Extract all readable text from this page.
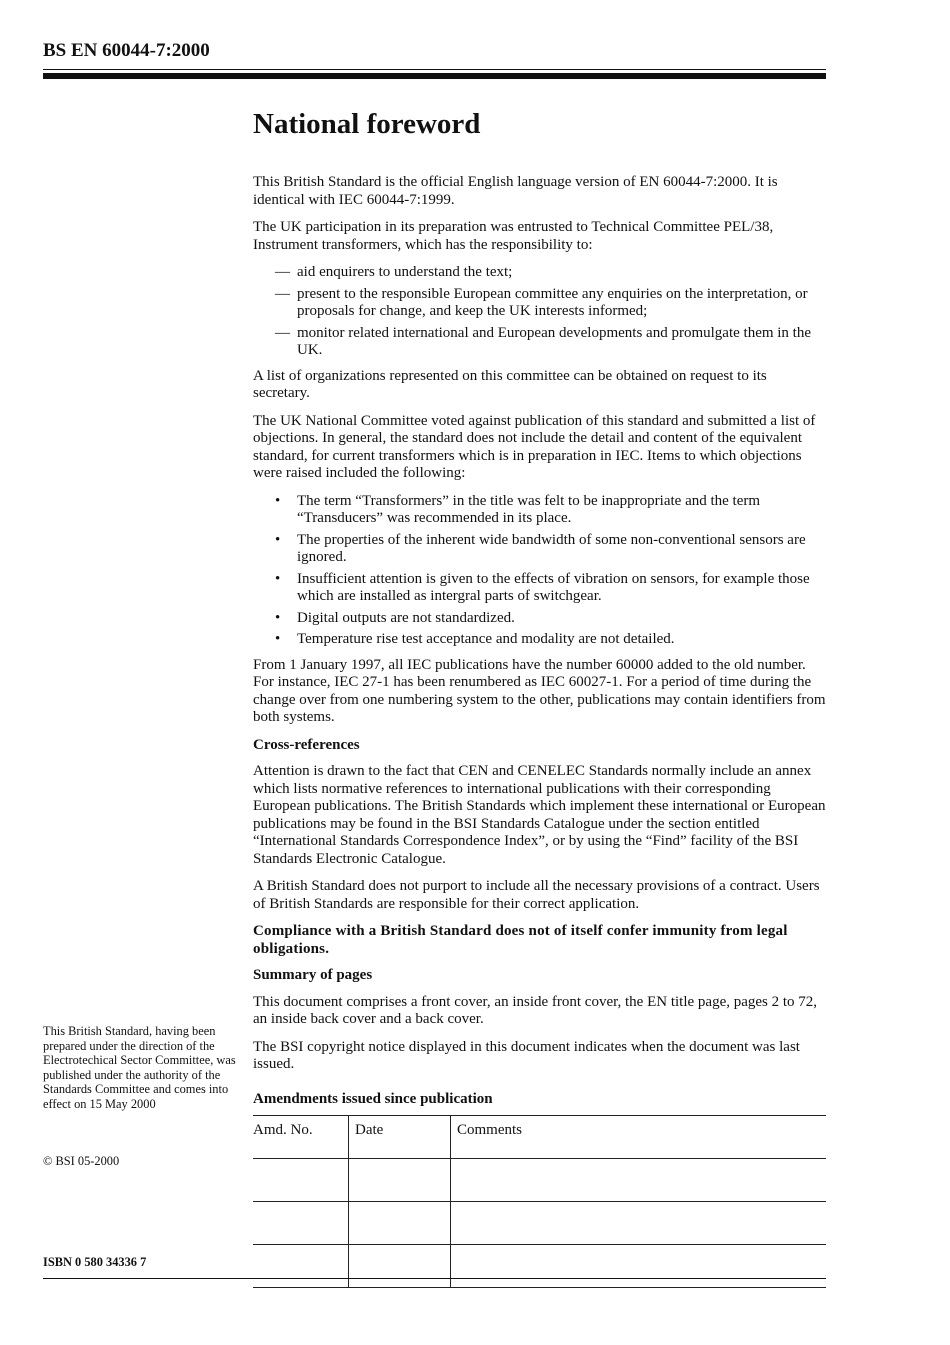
BS EN 60044-7:2000
National foreword

This British Standard is the official English language version of EN 60044-7:2000. It is identical with IEC 60044-7:1999.

The UK participation in its preparation was entrusted to Technical Committee PEL/38, Instrument transformers, which has the responsibility to:

— aid enquirers to understand the text;
— present to the responsible European committee any enquiries on the interpretation, or proposals for change, and keep the UK interests informed;
— monitor related international and European developments and promulgate them in the UK.

A list of organizations represented on this committee can be obtained on request to its secretary.

The UK National Committee voted against publication of this standard and submitted a list of objections. In general, the standard does not include the detail and content of the equivalent standard, for current transformers which is in preparation in IEC. Items to which objections were raised included the following:

• The term “Transformers” in the title was felt to be inappropriate and the term “Transducers” was recommended in its place.
• The properties of the inherent wide bandwidth of some non-conventional sensors are ignored.
• Insufficient attention is given to the effects of vibration on sensors, for example those which are installed as intergral parts of switchgear.
• Digital outputs are not standardized.
• Temperature rise test acceptance and modality are not detailed.

From 1 January 1997, all IEC publications have the number 60000 added to the old number. For instance, IEC 27-1 has been renumbered as IEC 60027-1. For a period of time during the change over from one numbering system to the other, publications may contain identifiers from both systems.

Cross-references

Attention is drawn to the fact that CEN and CENELEC Standards normally include an annex which lists normative references to international publications with their corresponding European publications. The British Standards which implement these international or European publications may be found in the BSI Standards Catalogue under the section entitled “International Standards Correspondence Index”, or by using the “Find” facility of the BSI Standards Electronic Catalogue.

A British Standard does not purport to include all the necessary provisions of a contract. Users of British Standards are responsible for their correct application.

Compliance with a British Standard does not of itself confer immunity from legal obligations.
Summary of pages

This document comprises a front cover, an inside front cover, the EN title page, pages 2 to 72, an inside back cover and a back cover.

The BSI copyright notice displayed in this document indicates when the document was last issued.

Amendments issued since publication
Amd. No.	Date	Comments

This British Standard, having been prepared under the direction of the Electrotechical Sector Committee, was published under the authority of the Standards Committee and comes into effect on 15 May 2000
© BSI 05-2000
ISBN 0 580 34336 7
